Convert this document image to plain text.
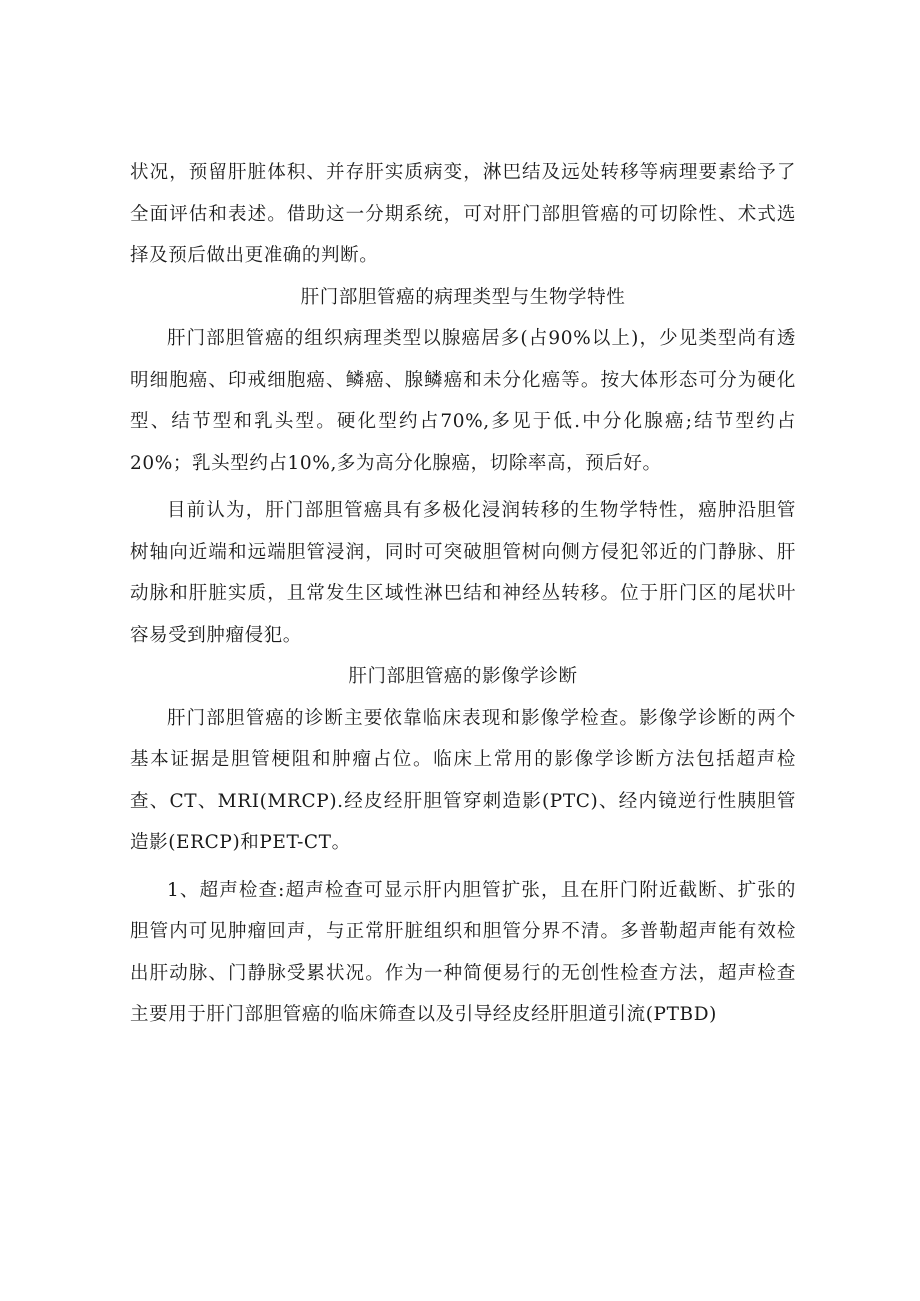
状况，预留肝脏体积、并存肝实质病变，淋巴结及远处转移等病理要素给予了全面评估和表述。借助这一分期系统，可对肝门部胆管癌的可切除性、术式选择及预后做出更准确的判断。

肝门部胆管癌的病理类型与生物学特性

肝门部胆管癌的组织病理类型以腺癌居多(占90%以上)，少见类型尚有透明细胞癌、印戒细胞癌、鳞癌、腺鳞癌和未分化癌等。按大体形态可分为硬化型、结节型和乳头型。硬化型约占70%,多见于低.中分化腺癌;结节型约占20%；乳头型约占10%,多为高分化腺癌，切除率高，预后好。

目前认为，肝门部胆管癌具有多极化浸润转移的生物学特性，癌肿沿胆管树轴向近端和远端胆管浸润，同时可突破胆管树向侧方侵犯邻近的门静脉、肝动脉和肝脏实质，且常发生区域性淋巴结和神经丛转移。位于肝门区的尾状叶容易受到肿瘤侵犯。

肝门部胆管癌的影像学诊断

肝门部胆管癌的诊断主要依靠临床表现和影像学检查。影像学诊断的两个基本证据是胆管梗阻和肿瘤占位。临床上常用的影像学诊断方法包括超声检查、CT、MRI(MRCP).经皮经肝胆管穿刺造影(PTC)、经内镜逆行性胰胆管造影(ERCP)和PET-CT。

1、超声检查:超声检查可显示肝内胆管扩张，且在肝门附近截断、扩张的胆管内可见肿瘤回声，与正常肝脏组织和胆管分界不清。多普勒超声能有效检出肝动脉、门静脉受累状况。作为一种简便易行的无创性检查方法，超声检查主要用于肝门部胆管癌的临床筛查以及引导经皮经肝胆道引流(PTBD)
